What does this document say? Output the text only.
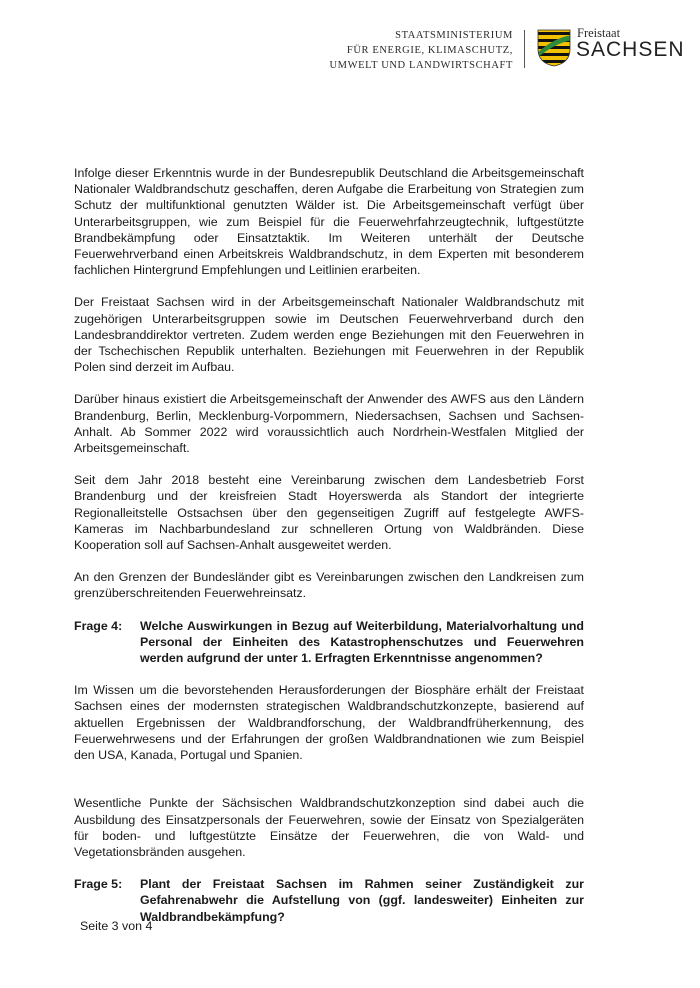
STAATSMINISTERIUM
FÜR ENERGIE, KLIMASCHUTZ,
UMWELT UND LANDWIRTSCHAFT
Freistaat
SACHSEN

Infolge dieser Erkenntnis wurde in der Bundesrepublik Deutschland die Arbeitsgemeinschaft Nationaler Waldbrandschutz geschaffen, deren Aufgabe die Erarbeitung von Strategien zum Schutz der multifunktional genutzten Wälder ist. Die Arbeitsgemeinschaft verfügt über Unterarbeitsgruppen, wie zum Beispiel für die Feuerwehrfahrzeugtechnik, luftgestützte Brandbekämpfung oder Einsatztaktik. Im Weiteren unterhält der Deutsche Feuerwehrverband einen Arbeitskreis Waldbrandschutz, in dem Experten mit besonderem fachlichen Hintergrund Empfehlungen und Leitlinien erarbeiten.

Der Freistaat Sachsen wird in der Arbeitsgemeinschaft Nationaler Waldbrandschutz mit zugehörigen Unterarbeitsgruppen sowie im Deutschen Feuerwehrverband durch den Landesbranddirektor vertreten. Zudem werden enge Beziehungen mit den Feuerwehren in der Tschechischen Republik unterhalten. Beziehungen mit Feuerwehren in der Republik Polen sind derzeit im Aufbau.

Darüber hinaus existiert die Arbeitsgemeinschaft der Anwender des AWFS aus den Ländern Brandenburg, Berlin, Mecklenburg-Vorpommern, Niedersachsen, Sachsen und Sachsen-Anhalt. Ab Sommer 2022 wird voraussichtlich auch Nordrhein-Westfalen Mitglied der Arbeitsgemeinschaft.

Seit dem Jahr 2018 besteht eine Vereinbarung zwischen dem Landesbetrieb Forst Brandenburg und der kreisfreien Stadt Hoyerswerda als Standort der integrierte Regionalleitstelle Ostsachsen über den gegenseitigen Zugriff auf festgelegte AWFS-Kameras im Nachbarbundesland zur schnelleren Ortung von Waldbränden. Diese Kooperation soll auf Sachsen-Anhalt ausgeweitet werden.

An den Grenzen der Bundesländer gibt es Vereinbarungen zwischen den Landkreisen zum grenzüberschreitenden Feuerwehreinsatz.

Frage 4:	Welche Auswirkungen in Bezug auf Weiterbildung, Materialvorhaltung und Personal der Einheiten des Katastrophenschutzes und Feuerwehren werden aufgrund der unter 1. Erfragten Erkenntnisse angenommen?

Im Wissen um die bevorstehenden Herausforderungen der Biosphäre erhält der Freistaat Sachsen eines der modernsten strategischen Waldbrandschutzkonzepte, basierend auf aktuellen Ergebnissen der Waldbrandforschung, der Waldbrandfrüherkennung, des Feuerwehrwesens und der Erfahrungen der großen Waldbrandnationen wie zum Beispiel den USA, Kanada, Portugal und Spanien.

Wesentliche Punkte der Sächsischen Waldbrandschutzkonzeption sind dabei auch die Ausbildung des Einsatzpersonals der Feuerwehren, sowie der Einsatz von Spezialgeräten für boden- und luftgestützte Einsätze der Feuerwehren, die von Wald- und Vegetationsbränden ausgehen.

Frage 5:	Plant der Freistaat Sachsen im Rahmen seiner Zuständigkeit zur Gefahrenabwehr die Aufstellung von (ggf. landesweiter) Einheiten zur Waldbrandbekämpfung?
Seite 3 von 4
